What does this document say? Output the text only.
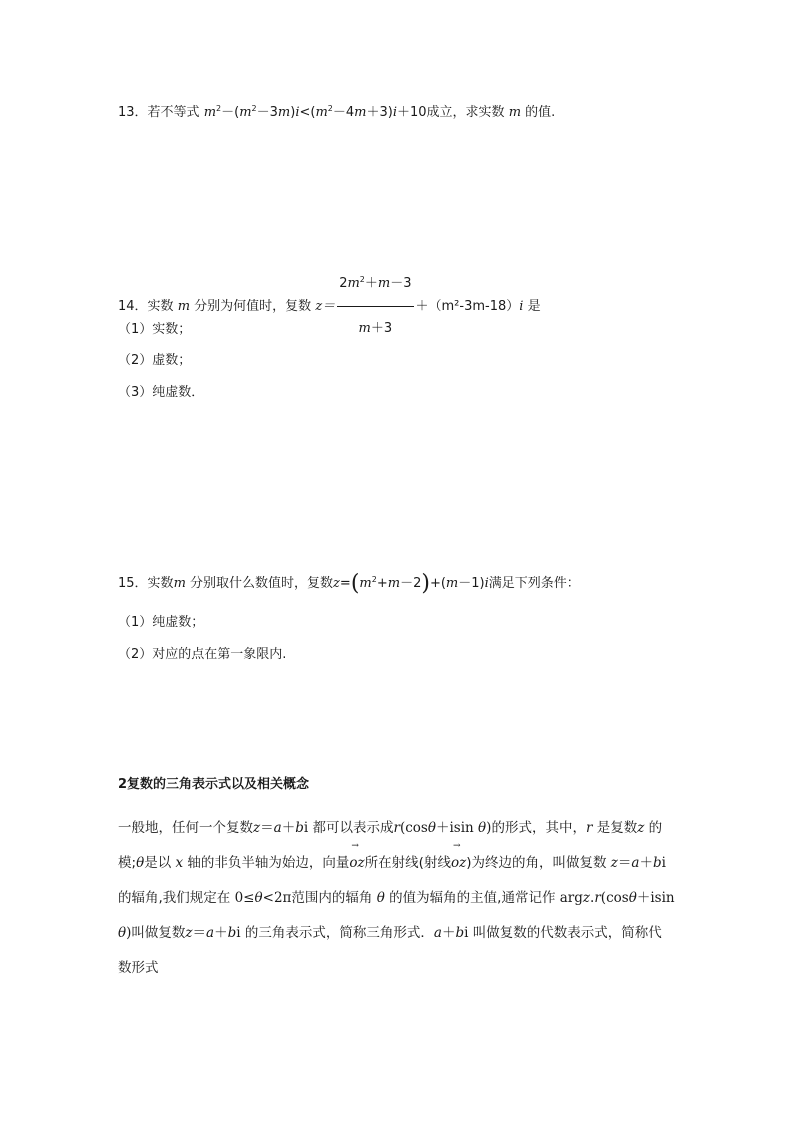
13．若不等式 $m^2-(m^2-3m)i<(m^2-4m+3)i+10$成立，求实数 m 的值.
14．实数 m 分别为何值时，复数 $z= \frac{2m^2+m-3}{m+3} +(m^2-3m-18)i$ 是
（1）实数；
（2）虚数；
（3）纯虚数．
15．实数m 分别取什么数值时，复数$z=(m^2+m-2)+(m-1)i$满足下列条件：
（1）纯虚数；
（2）对应的点在第一象限内.
2复数的三角表示式以及相关概念
一般地，任何一个复数z＝a＋bi 都可以表示成r(cosθ＋isin θ)的形式，其中，r 是复数z 的
模;θ是以 x 轴的非负半轴为始边，向量→ oz所在射线(射线→ oz)为终边的角，叫做复数 z＝a＋bi
的辐角,我们规定在 0≤θ<2π范围内的辐角 θ 的值为辐角的主值,通常记作 argz.r(cosθ＋isin
θ)叫做复数z＝a＋bi 的三角表示式，简称三角形式．a＋bi 叫做复数的代数表示式，简称代
数形式
